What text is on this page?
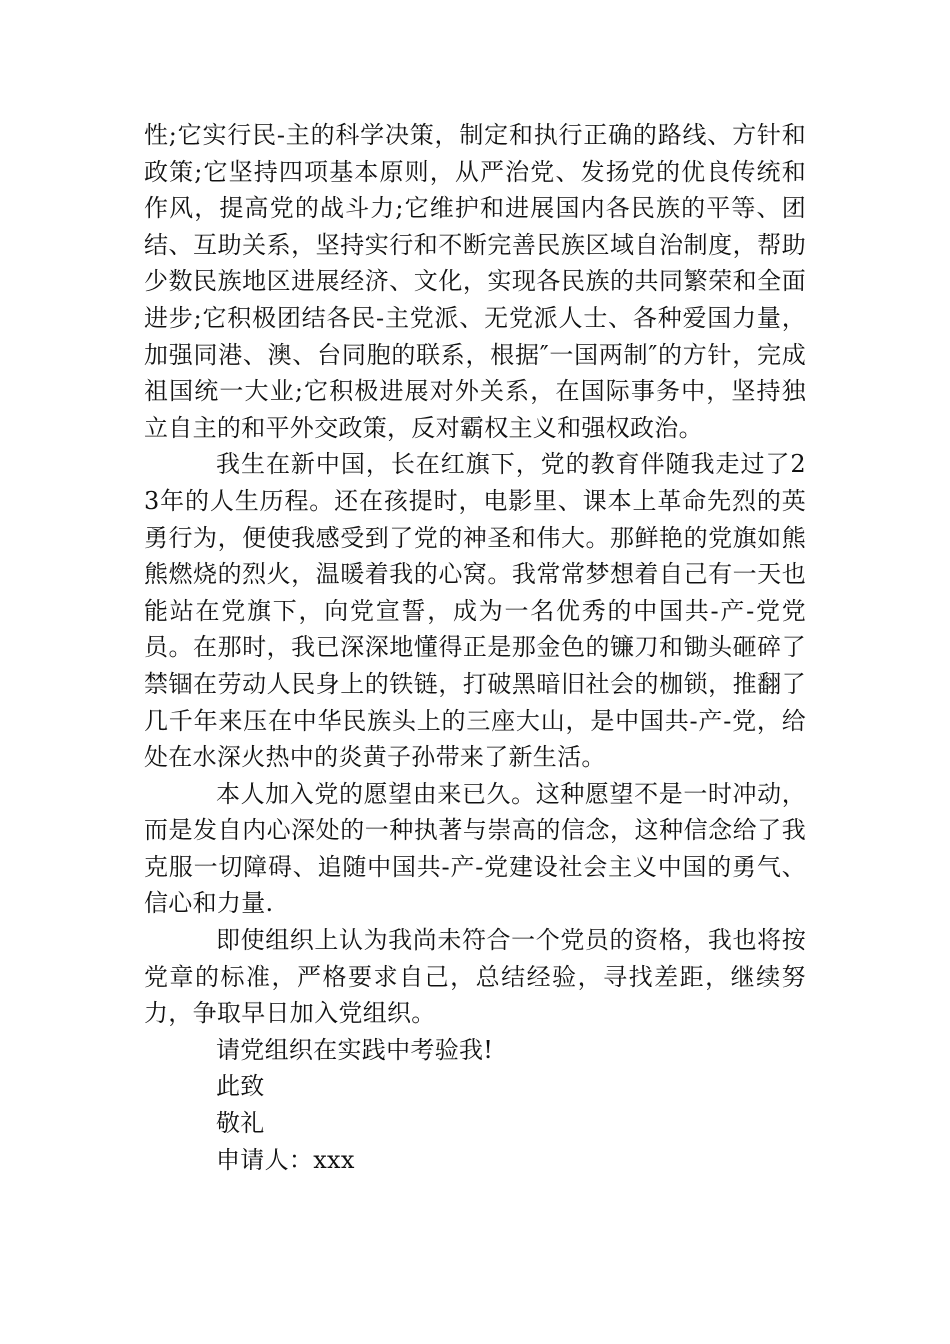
性;它实行民-主的科学决策，制定和执行正确的路线、方针和政策;它坚持四项基本原则，从严治党、发扬党的优良传统和作风，提高党的战斗力;它维护和进展国内各民族的平等、团结、互助关系，坚持实行和不断完善民族区域自治制度，帮助少数民族地区进展经济、文化，实现各民族的共同繁荣和全面进步;它积极团结各民-主党派、无党派人士、各种爱国力量，加强同港、澳、台同胞的联系，根据″一国两制″的方针，完成祖国统一大业;它积极进展对外关系，在国际事务中，坚持独立自主的和平外交政策，反对霸权主义和强权政治。

我生在新中国，长在红旗下，党的教育伴随我走过了23年的人生历程。还在孩提时，电影里、课本上革命先烈的英勇行为，便使我感受到了党的神圣和伟大。那鲜艳的党旗如熊熊燃烧的烈火，温暖着我的心窝。我常常梦想着自己有一天也能站在党旗下，向党宣誓，成为一名优秀的中国共-产-党党员。在那时，我已深深地懂得正是那金色的镰刀和锄头砸碎了禁锢在劳动人民身上的铁链，打破黑暗旧社会的枷锁，推翻了几千年来压在中华民族头上的三座大山，是中国共-产-党，给处在水深火热中的炎黄子孙带来了新生活。

本人加入党的愿望由来已久。这种愿望不是一时冲动，而是发自内心深处的一种执著与崇高的信念，这种信念给了我克服一切障碍、追随中国共-产-党建设社会主义中国的勇气、信心和力量.

即使组织上认为我尚未符合一个党员的资格，我也将按党章的标准，严格要求自己，总结经验，寻找差距，继续努力，争取早日加入党组织。

请党组织在实践中考验我!

此致

敬礼

申请人：xxx
